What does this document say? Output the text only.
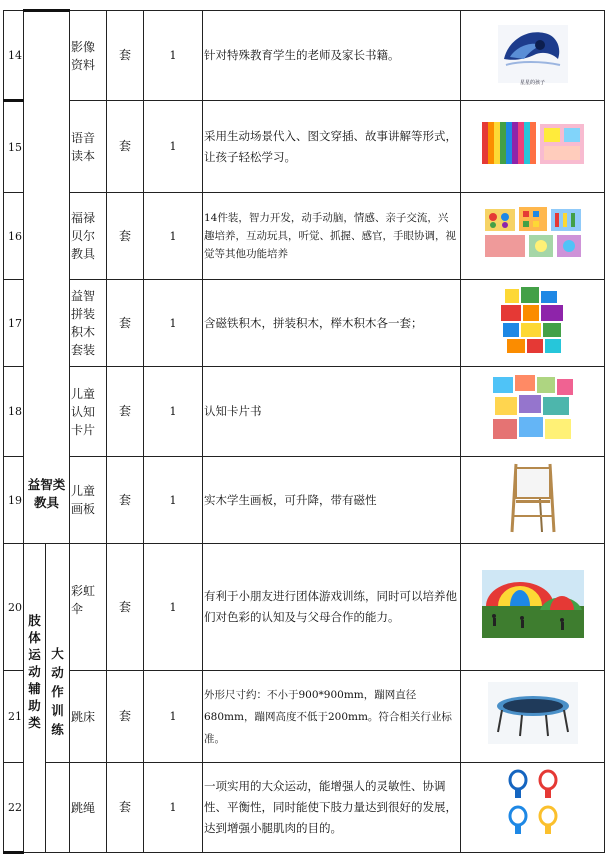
14	益智类教具		影像资料	套	1	针对特殊教育学生的老师及家长书籍。	星星的孩子

15			语音读本	套	1	采用生动场景代入、图文穿插、故事讲解等形式，让孩子轻松学习。	
16			福禄贝尔教具	套	1	14件装，智力开发，动手动脑，情感、亲子交流，兴趣培养，互动玩具，听觉、抓握、感官，手眼协调，视觉等其他功能培养	
17			益智拼装积木套装	套	1	含磁铁积木，拼装积木，榉木积木各一套；	
18			儿童认知卡片	套	1	认知卡片书	
19			儿童画板	套	1	实木学生画板，可升降，带有磁性	
20	肢体运动辅助类	大动作训练	彩虹伞	套	1	有利于小朋友进行团体游戏训练，同时可以培养他们对色彩的认知及与父母合作的能力。	
21			跳床	套	1	外形尺寸约：不小于900*900mm，蹦网直径680mm，蹦网高度不低于200mm。符合相关行业标准。	
22			跳绳	套	1	一项实用的大众运动，能增强人的灵敏性、协调性、平衡性，同时能使下肢力量达到很好的发展，达到增强小腿肌肉的目的。	
